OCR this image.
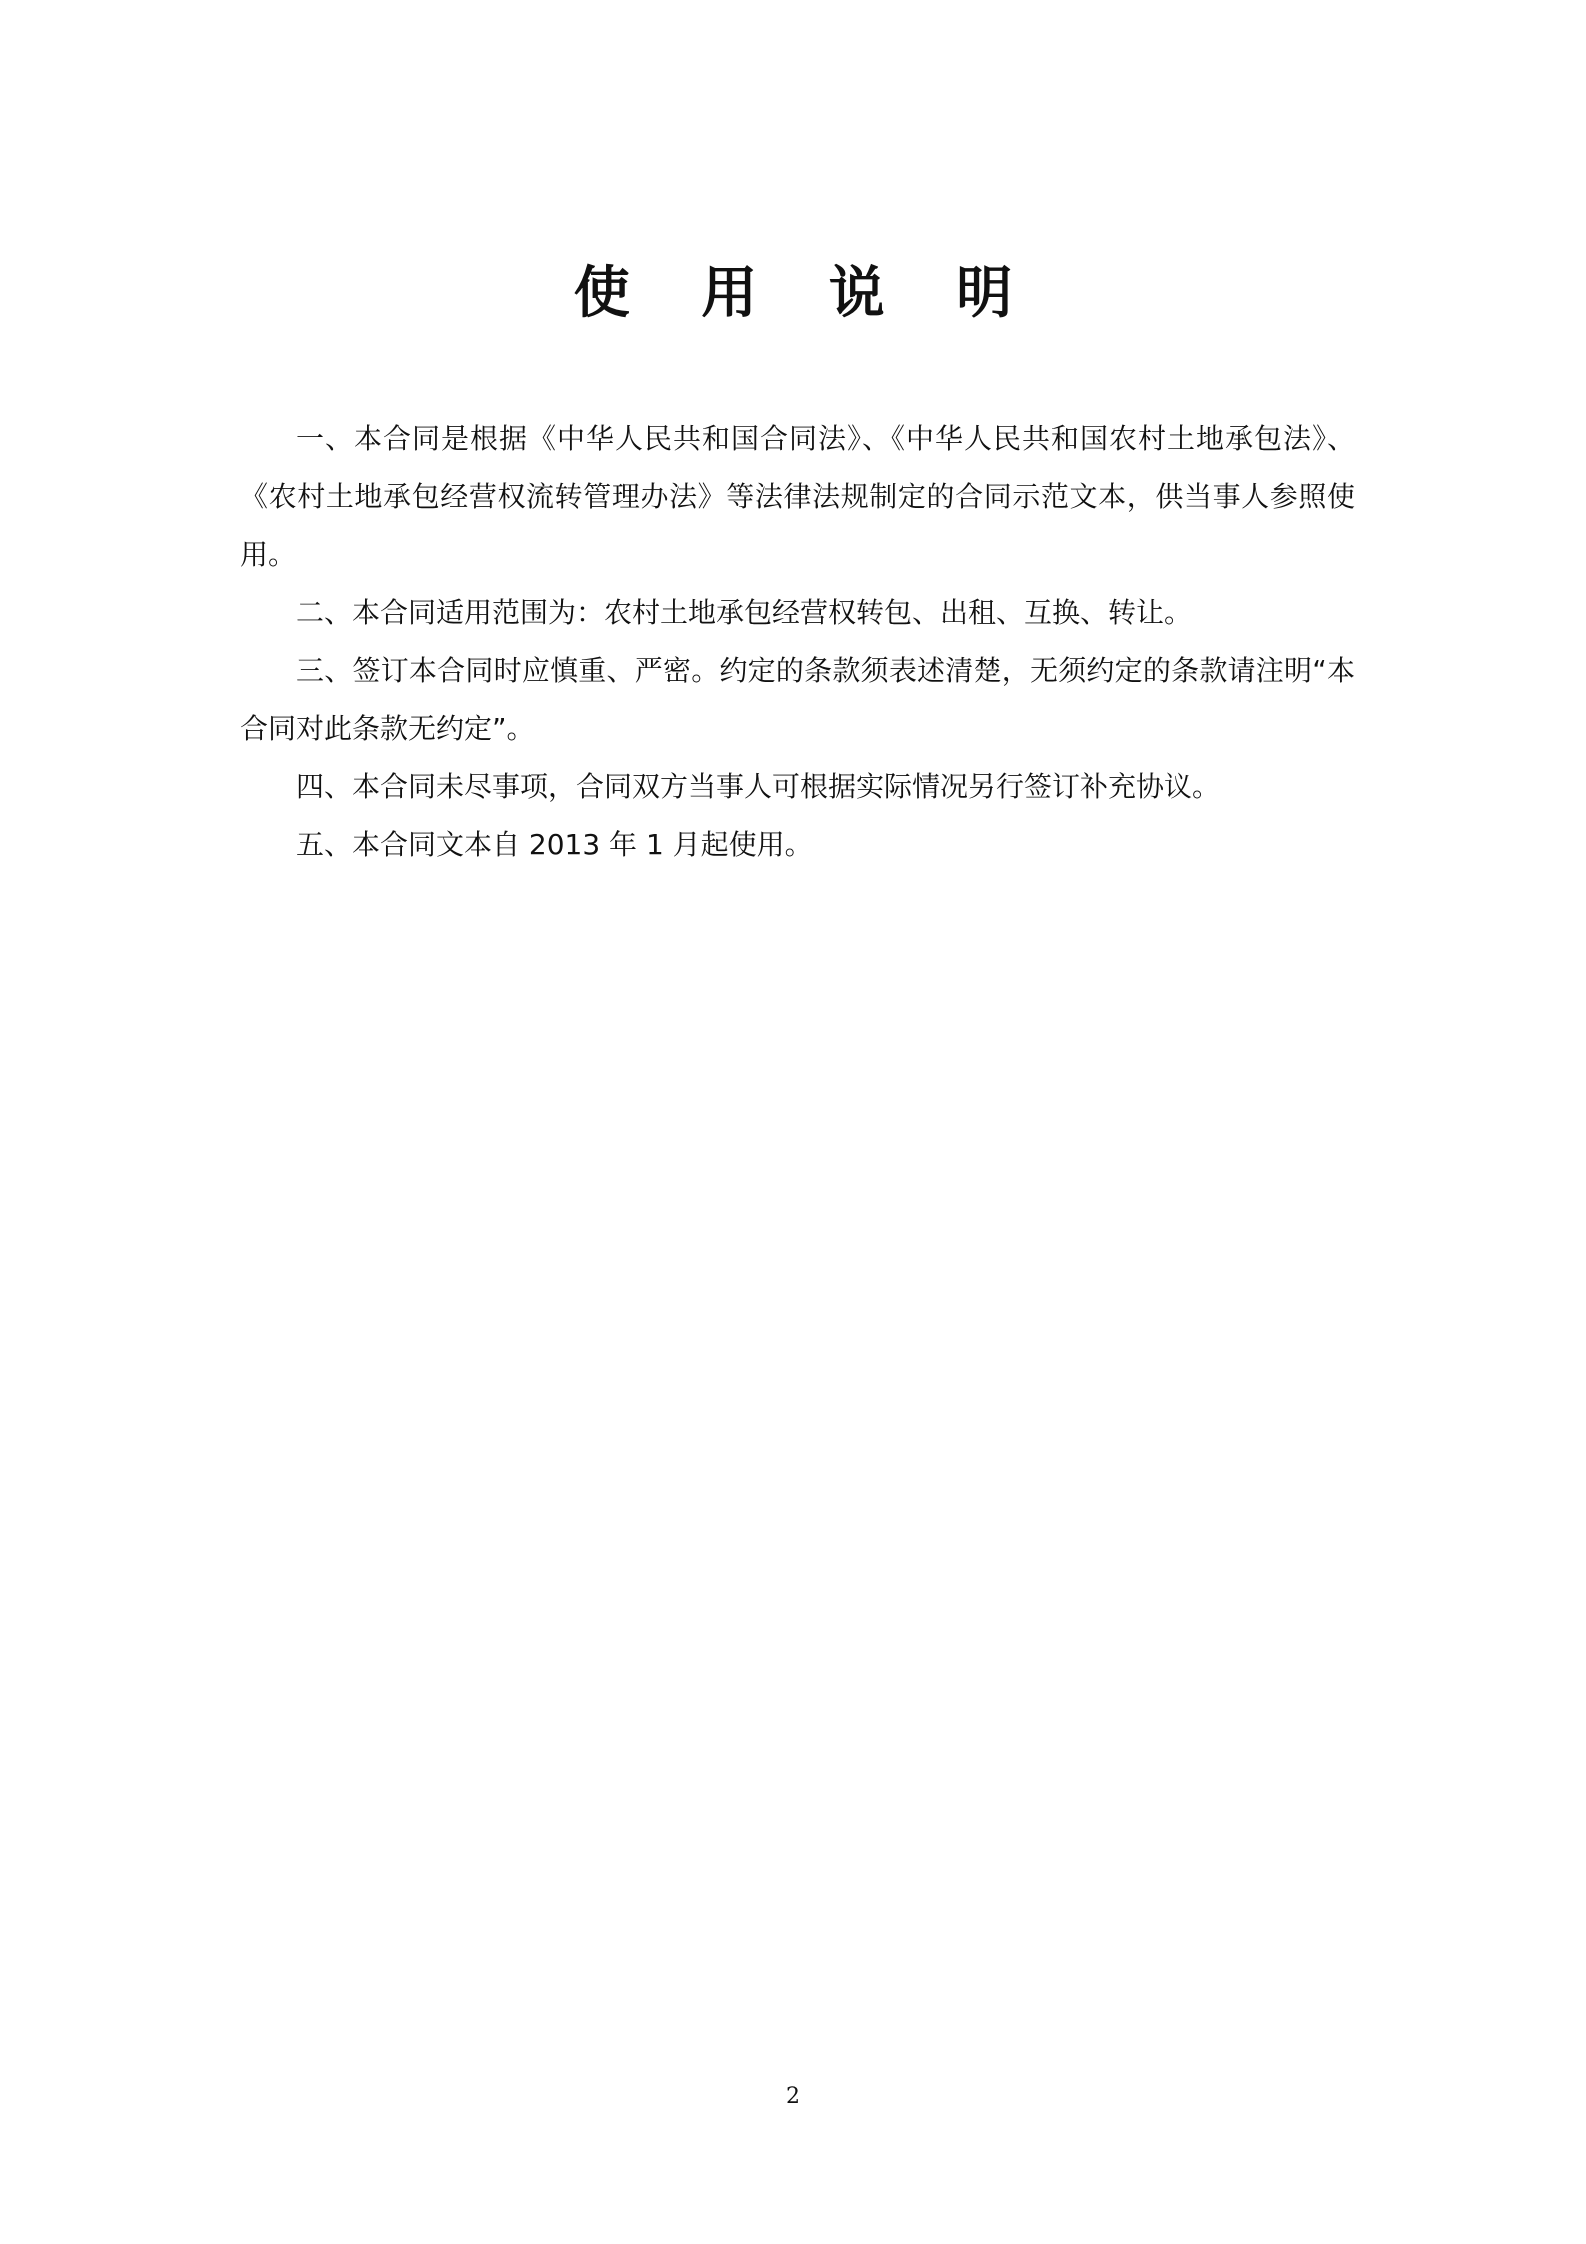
使 用 说 明

一、本合同是根据《中华人民共和国合同法》、《中华人民共和国农村土地承包法》、《农村土地承包经营权流转管理办法》等法律法规制定的合同示范文本，供当事人参照使用。

二、本合同适用范围为：农村土地承包经营权转包、出租、互换、转让。

三、签订本合同时应慎重、严密。约定的条款须表述清楚，无须约定的条款请注明“本合同对此条款无约定”。

四、本合同未尽事项，合同双方当事人可根据实际情况另行签订补充协议。

五、本合同文本自 2013 年 1 月起使用。

2
